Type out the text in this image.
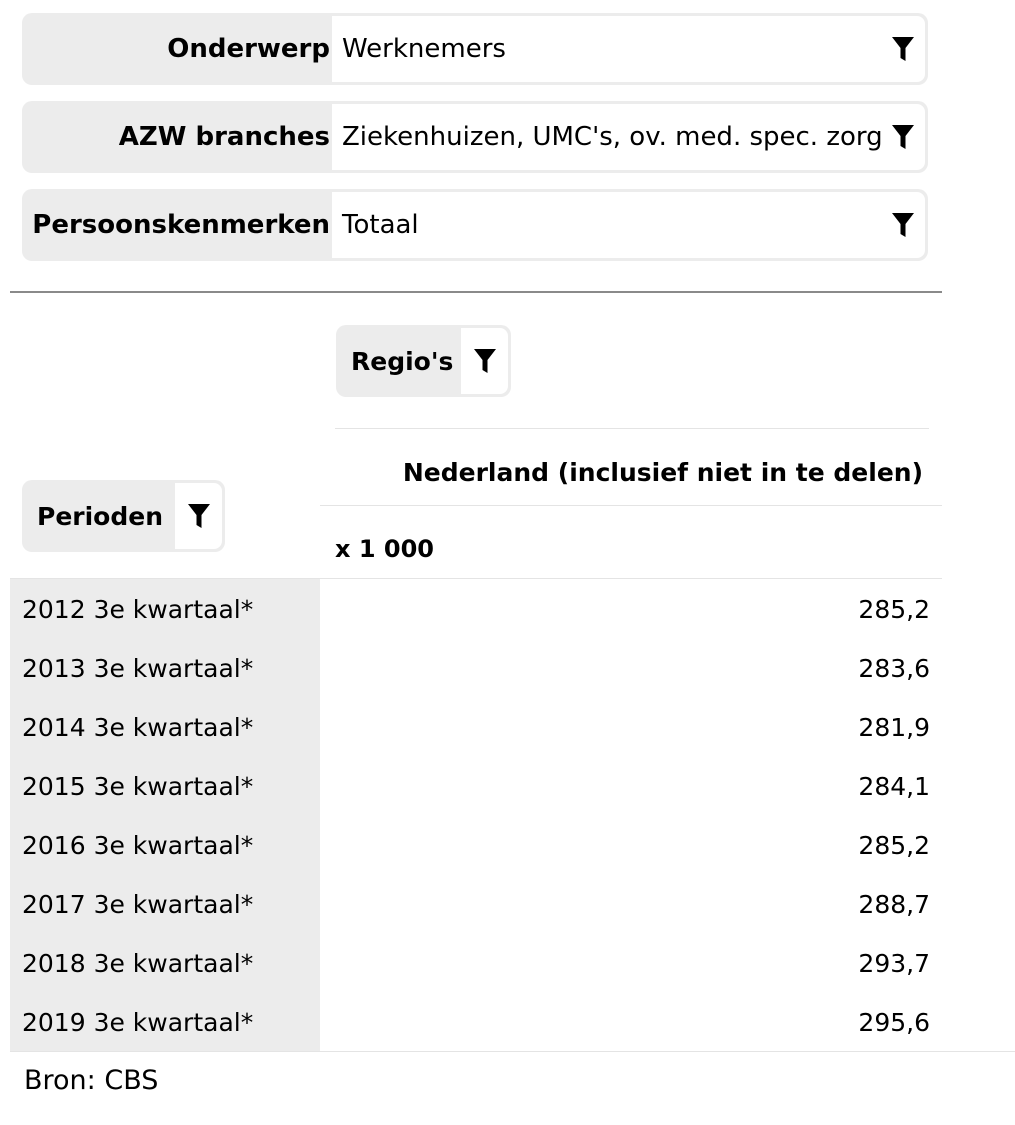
Onderwerp Werknemers
AZW branches Ziekenhuizen, UMC's, ov. med. spec. zorg
Persoonskenmerken Totaal
Regio's
Perioden
Nederland (inclusief niet in te delen)
x 1 000
2012 3e kwartaal*	285,2
2013 3e kwartaal*	283,6
2014 3e kwartaal*	281,9
2015 3e kwartaal*	284,1
2016 3e kwartaal*	285,2
2017 3e kwartaal*	288,7
2018 3e kwartaal*	293,7
2019 3e kwartaal*	295,6
Bron: CBS
